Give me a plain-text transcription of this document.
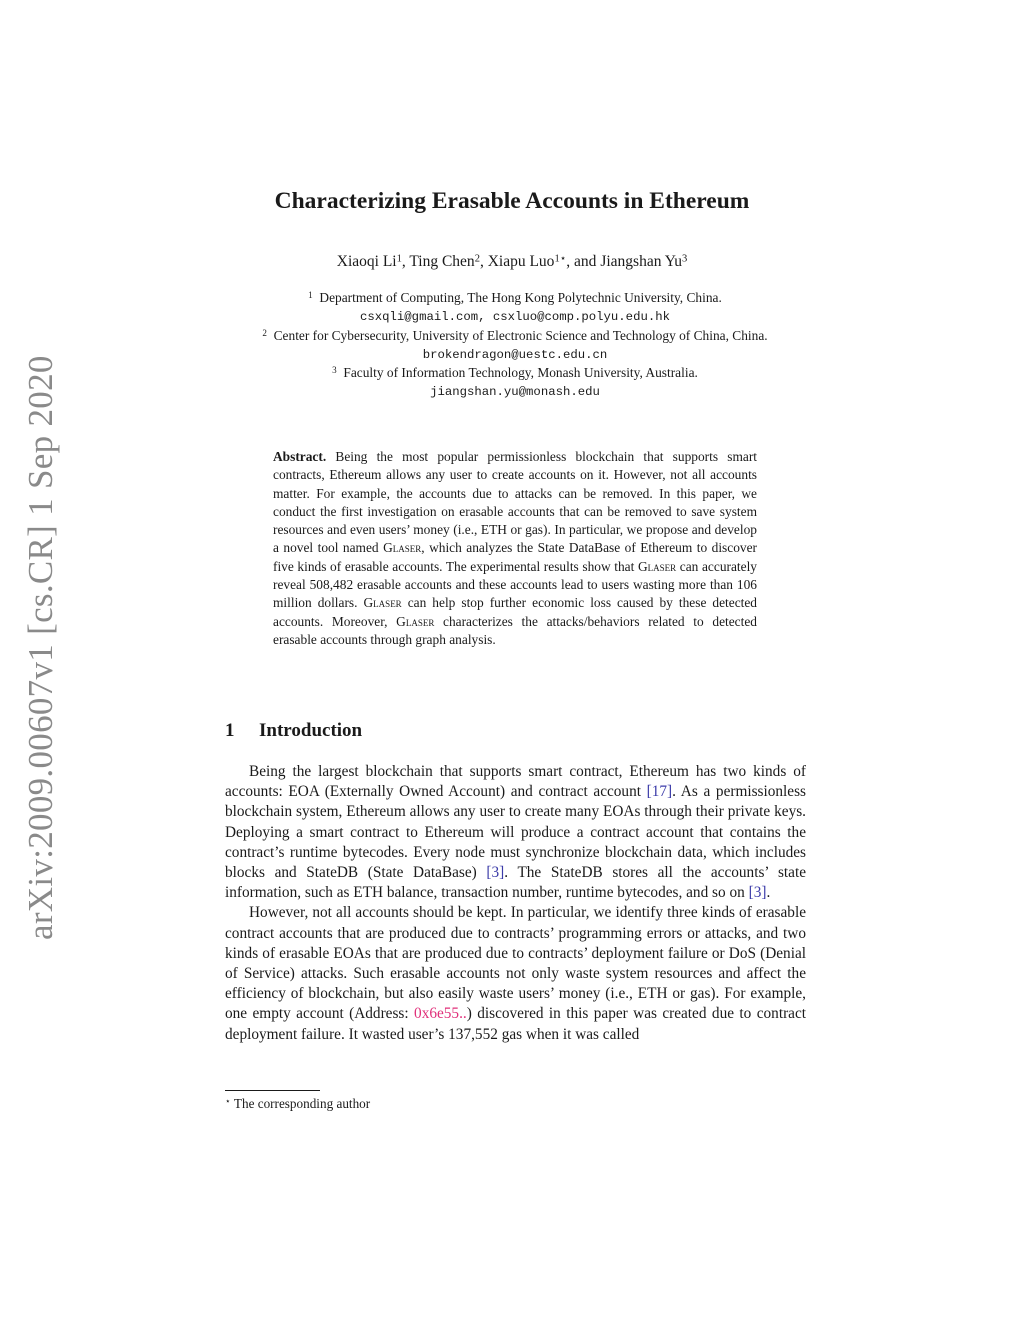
arXiv:2009.00607v1 [cs.CR] 1 Sep 2020
Characterizing Erasable Accounts in Ethereum
Xiaoqi Li$^1$, Ting Chen$^2$, Xiapu Luo$^{1⋆}$, and Jiangshan Yu$^3$
$^1$ Department of Computing, The Hong Kong Polytechnic University, China.
csxqli@gmail.com, csxluo@comp.polyu.edu.hk
$^2$ Center for Cybersecurity, University of Electronic Science and Technology of China, China. brokendragon@uestc.edu.cn
$^3$ Faculty of Information Technology, Monash University, Australia.
jiangshan.yu@monash.edu
Abstract. Being the most popular permissionless blockchain that supports smart contracts, Ethereum allows any user to create accounts on it. However, not all accounts matter. For example, the accounts due to attacks can be removed. In this paper, we conduct the first investigation on erasable accounts that can be removed to save system resources and even users’ money (i.e., ETH or gas). In particular, we propose and develop a novel tool named Glaser, which analyzes the State DataBase of Ethereum to discover five kinds of erasable accounts. The experimental results show that Glaser can accurately reveal 508,482 erasable accounts and these accounts lead to users wasting more than 106 million dollars. Glaser can help stop further economic loss caused by these detected accounts. Moreover, Glaser characterizes the attacks/behaviors related to detected erasable accounts through graph analysis.
1 Introduction

Being the largest blockchain that supports smart contract, Ethereum has two kinds of accounts: EOA (Externally Owned Account) and contract account [17]. As a permissionless blockchain system, Ethereum allows any user to create many EOAs through their private keys. Deploying a smart contract to Ethereum will produce a contract account that contains the contract’s runtime bytecodes. Every node must synchronize blockchain data, which includes blocks and StateDB (State DataBase) [3]. The StateDB stores all the accounts’ state information, such as ETH balance, transaction number, runtime bytecodes, and so on [3].

However, not all accounts should be kept. In particular, we identify three kinds of erasable contract accounts that are produced due to contracts’ programming errors or attacks, and two kinds of erasable EOAs that are produced due to contracts’ deployment failure or DoS (Denial of Service) attacks. Such erasable accounts not only waste system resources and affect the efficiency of blockchain, but also easily waste users’ money (i.e., ETH or gas). For example, one empty account (Address: 0x6e55..) discovered in this paper was created due to contract deployment failure. It wasted user’s 137,552 gas when it was called

⋆ The corresponding author
